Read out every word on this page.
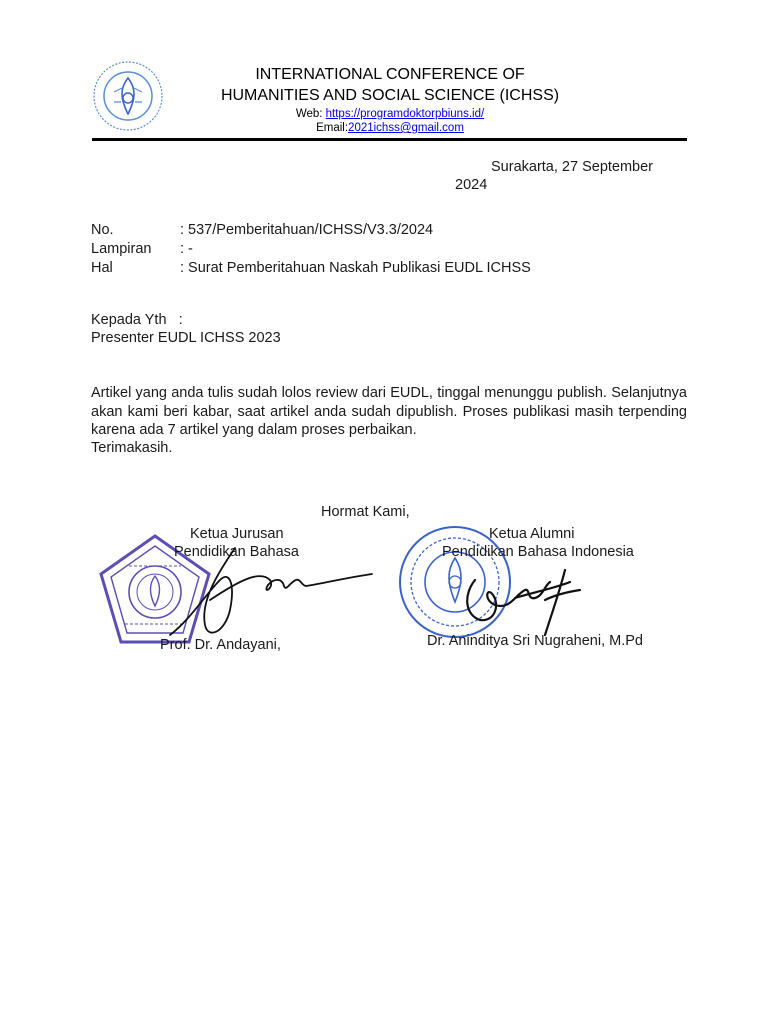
INTERNATIONAL CONFERENCE OF
HUMANITIES AND SOCIAL SCIENCE (ICHSS)
Web: https://programdoktorpbiuns.id/
Email:2021ichss@gmail.com
Surakarta, 27 September
2024
No.	: 537/Pemberitahuan/ICHSS/V3.3/2024
Lampiran : -
Hal	: Surat Pemberitahuan Naskah Publikasi EUDL ICHSS
Kepada Yth   :
Presenter EUDL ICHSS 2023
Artikel yang anda tulis sudah lolos review dari EUDL, tinggal menunggu publish. Selanjutnya akan kami beri kabar, saat artikel anda sudah dipublish. Proses publikasi masih terpending karena ada 7 artikel yang dalam proses perbaikan.
Terimakasih.
Hormat Kami,
Ketua Jurusan
Pendidikan Bahasa
Ketua Alumni
Pendidikan Bahasa Indonesia
Prof. Dr. Andayani,	Dr. Aninditya Sri Nugraheni, M.Pd
